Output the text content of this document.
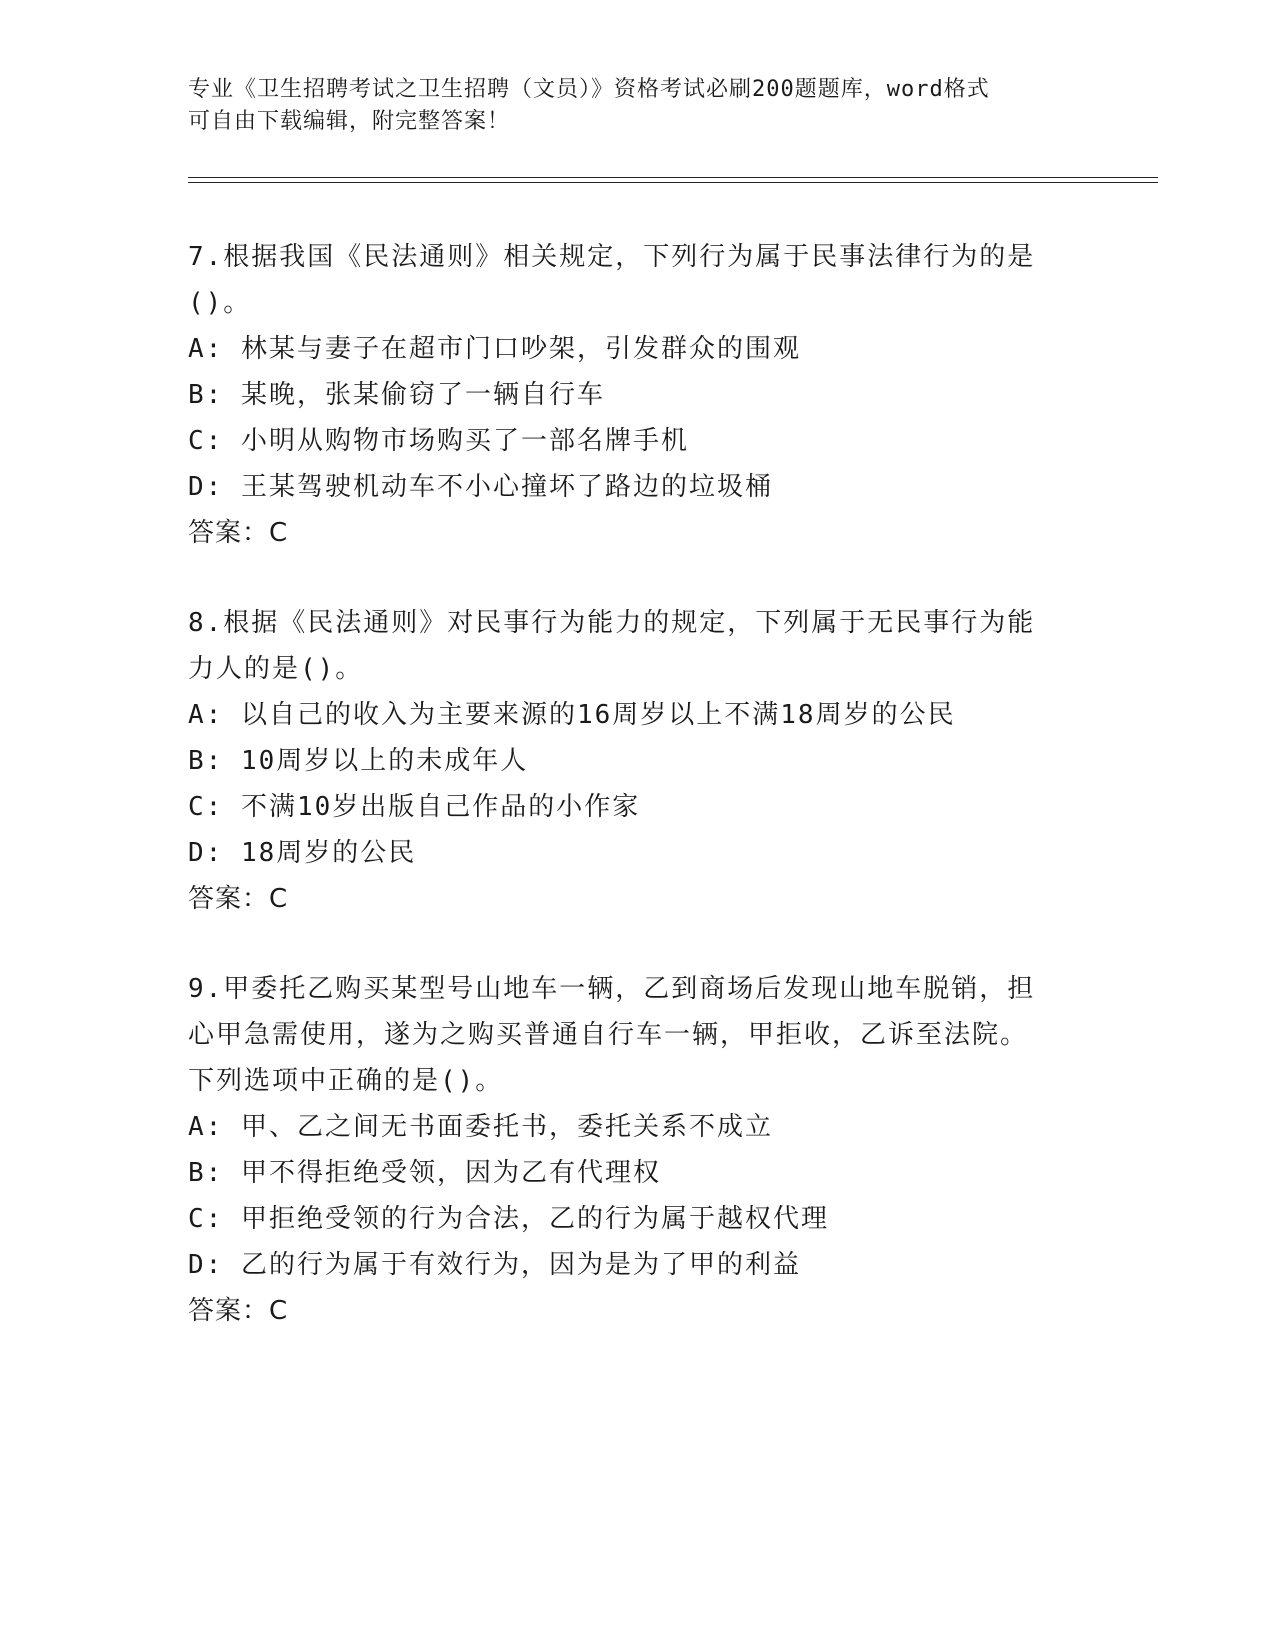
专业《卫生招聘考试之卫生招聘（文员）》资格考试必刷200题题库，word格式
可自由下载编辑，附完整答案！
7.根据我国《民法通则》相关规定，下列行为属于民事法律行为的是
()。
A: 林某与妻子在超市门口吵架，引发群众的围观
B: 某晚，张某偷窃了一辆自行车
C: 小明从购物市场购买了一部名牌手机
D: 王某驾驶机动车不小心撞坏了路边的垃圾桶
答案：C
8.根据《民法通则》对民事行为能力的规定，下列属于无民事行为能
力人的是()。
A: 以自己的收入为主要来源的16周岁以上不满18周岁的公民
B: 10周岁以上的未成年人
C: 不满10岁出版自己作品的小作家
D: 18周岁的公民
答案：C
9.甲委托乙购买某型号山地车一辆，乙到商场后发现山地车脱销，担
心甲急需使用，遂为之购买普通自行车一辆，甲拒收，乙诉至法院。
下列选项中正确的是()。
A: 甲、乙之间无书面委托书，委托关系不成立
B: 甲不得拒绝受领，因为乙有代理权
C: 甲拒绝受领的行为合法，乙的行为属于越权代理
D: 乙的行为属于有效行为，因为是为了甲的利益
答案：C
